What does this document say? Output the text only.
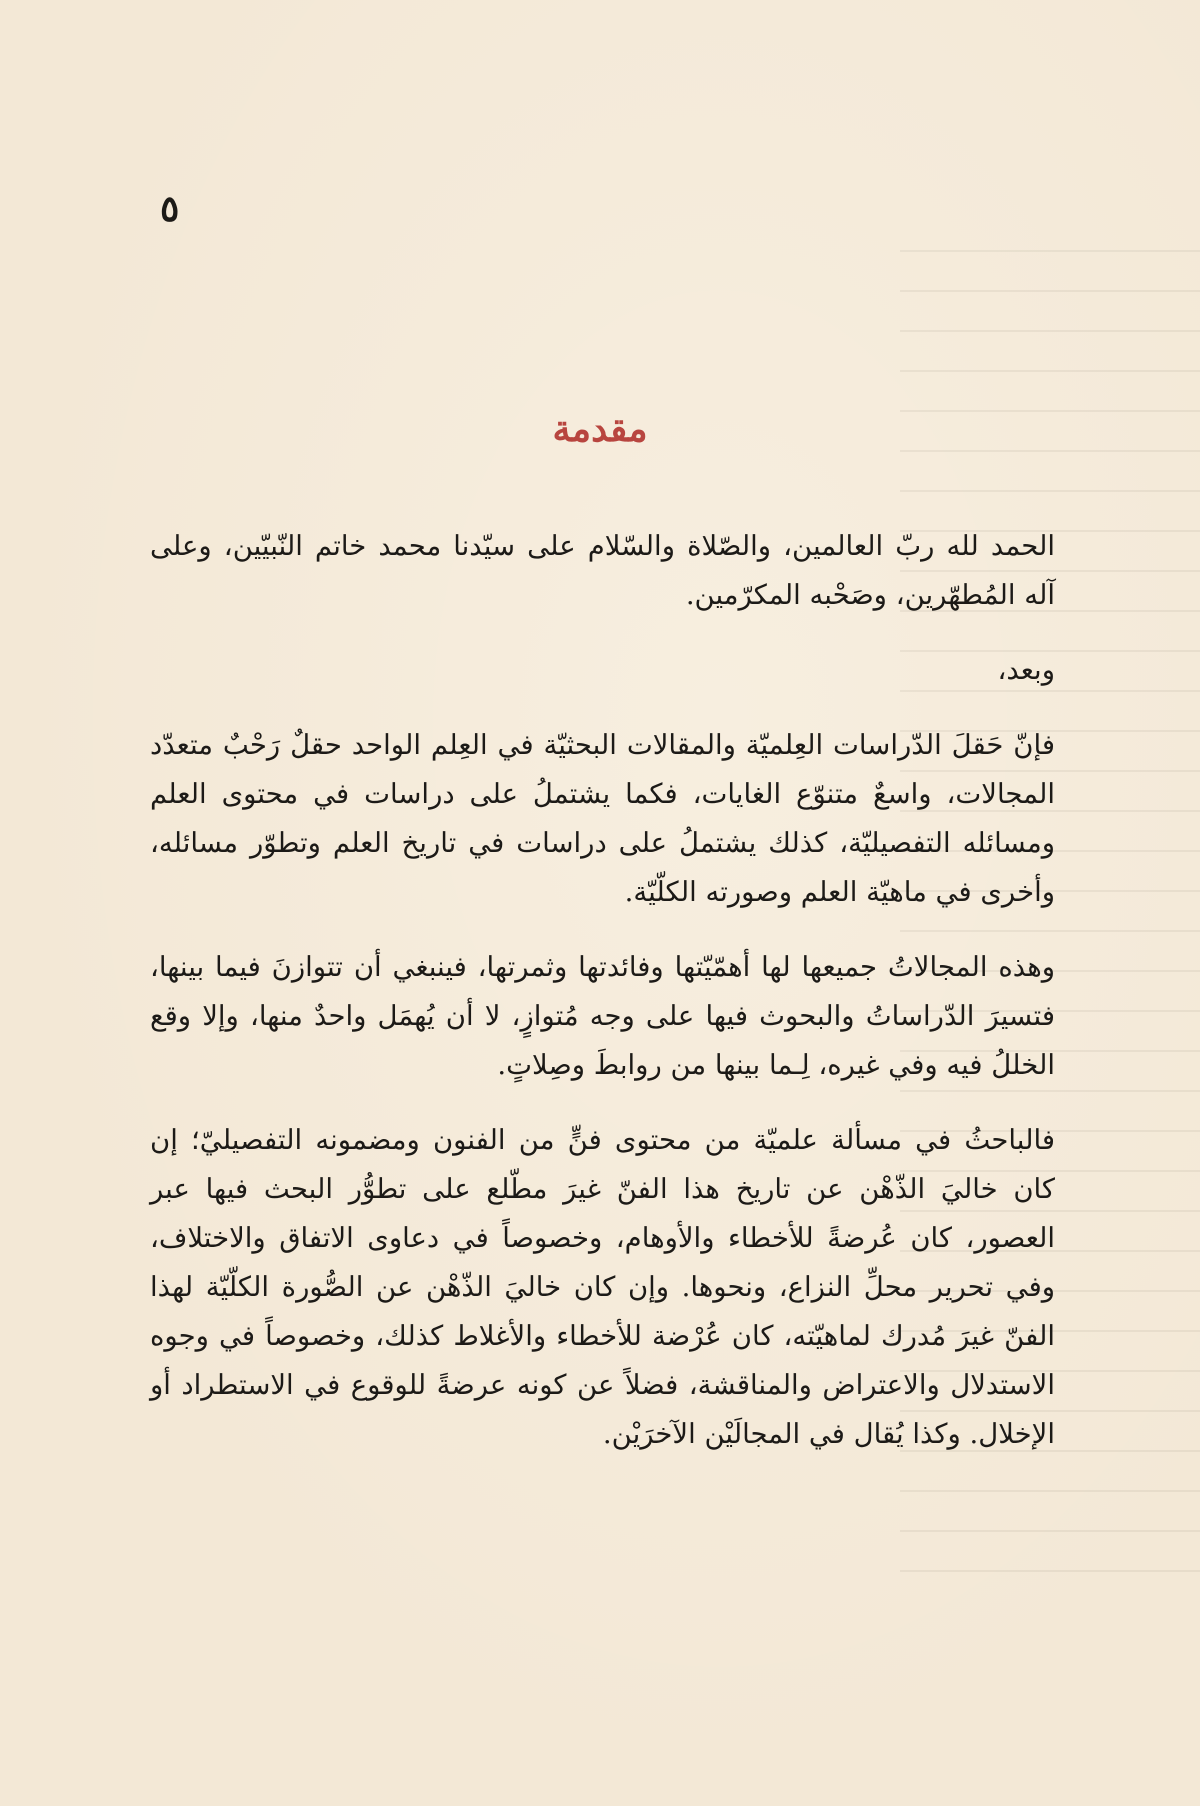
٥
مقدمة

الحمد لله ربّ العالمين، والصّلاة والسّلام على سيّدنا محمد خاتم النّبيّين، وعلى آله المُطهّرين، وصَحْبه المكرّمين.

وبعد،

فإنّ حَقلَ الدّراسات العِلميّة والمقالات البحثيّة في العِلم الواحد حقلٌ رَحْبٌ متعدّد المجالات، واسعٌ متنوّع الغايات، فكما يشتملُ على دراسات في محتوى العلم ومسائله التفصيليّة، كذلك يشتملُ على دراسات في تاريخ العلم وتطوّر مسائله، وأخرى في ماهيّة العلم وصورته الكلّيّة.

وهذه المجالاتُ جميعها لها أهمّيّتها وفائدتها وثمرتها، فينبغي أن تتوازنَ فيما بينها، فتسيرَ الدّراساتُ والبحوث فيها على وجه مُتوازٍ، لا أن يُهمَل واحدٌ منها، وإلا وقع الخللُ فيه وفي غيره، لِـما بينها من روابطَ وصِلاتٍ.

فالباحثُ في مسألة علميّة من محتوى فنٍّ من الفنون ومضمونه التفصيليّ؛ إن كان خاليَ الذّهْن عن تاريخ هذا الفنّ غيرَ مطّلع على تطوُّر البحث فيها عبر العصور، كان عُرضةً للأخطاء والأوهام، وخصوصاً في دعاوى الاتفاق والاختلاف، وفي تحرير محلِّ النزاع، ونحوها. وإن كان خاليَ الذّهْن عن الصُّورة الكلّيّة لهذا الفنّ غيرَ مُدرك لماهيّته، كان عُرْضة للأخطاء والأغلاط كذلك، وخصوصاً في وجوه الاستدلال والاعتراض والمناقشة، فضلاً عن كونه عرضةً للوقوع في الاستطراد أو الإخلال. وكذا يُقال في المجالَيْن الآخرَيْن.
